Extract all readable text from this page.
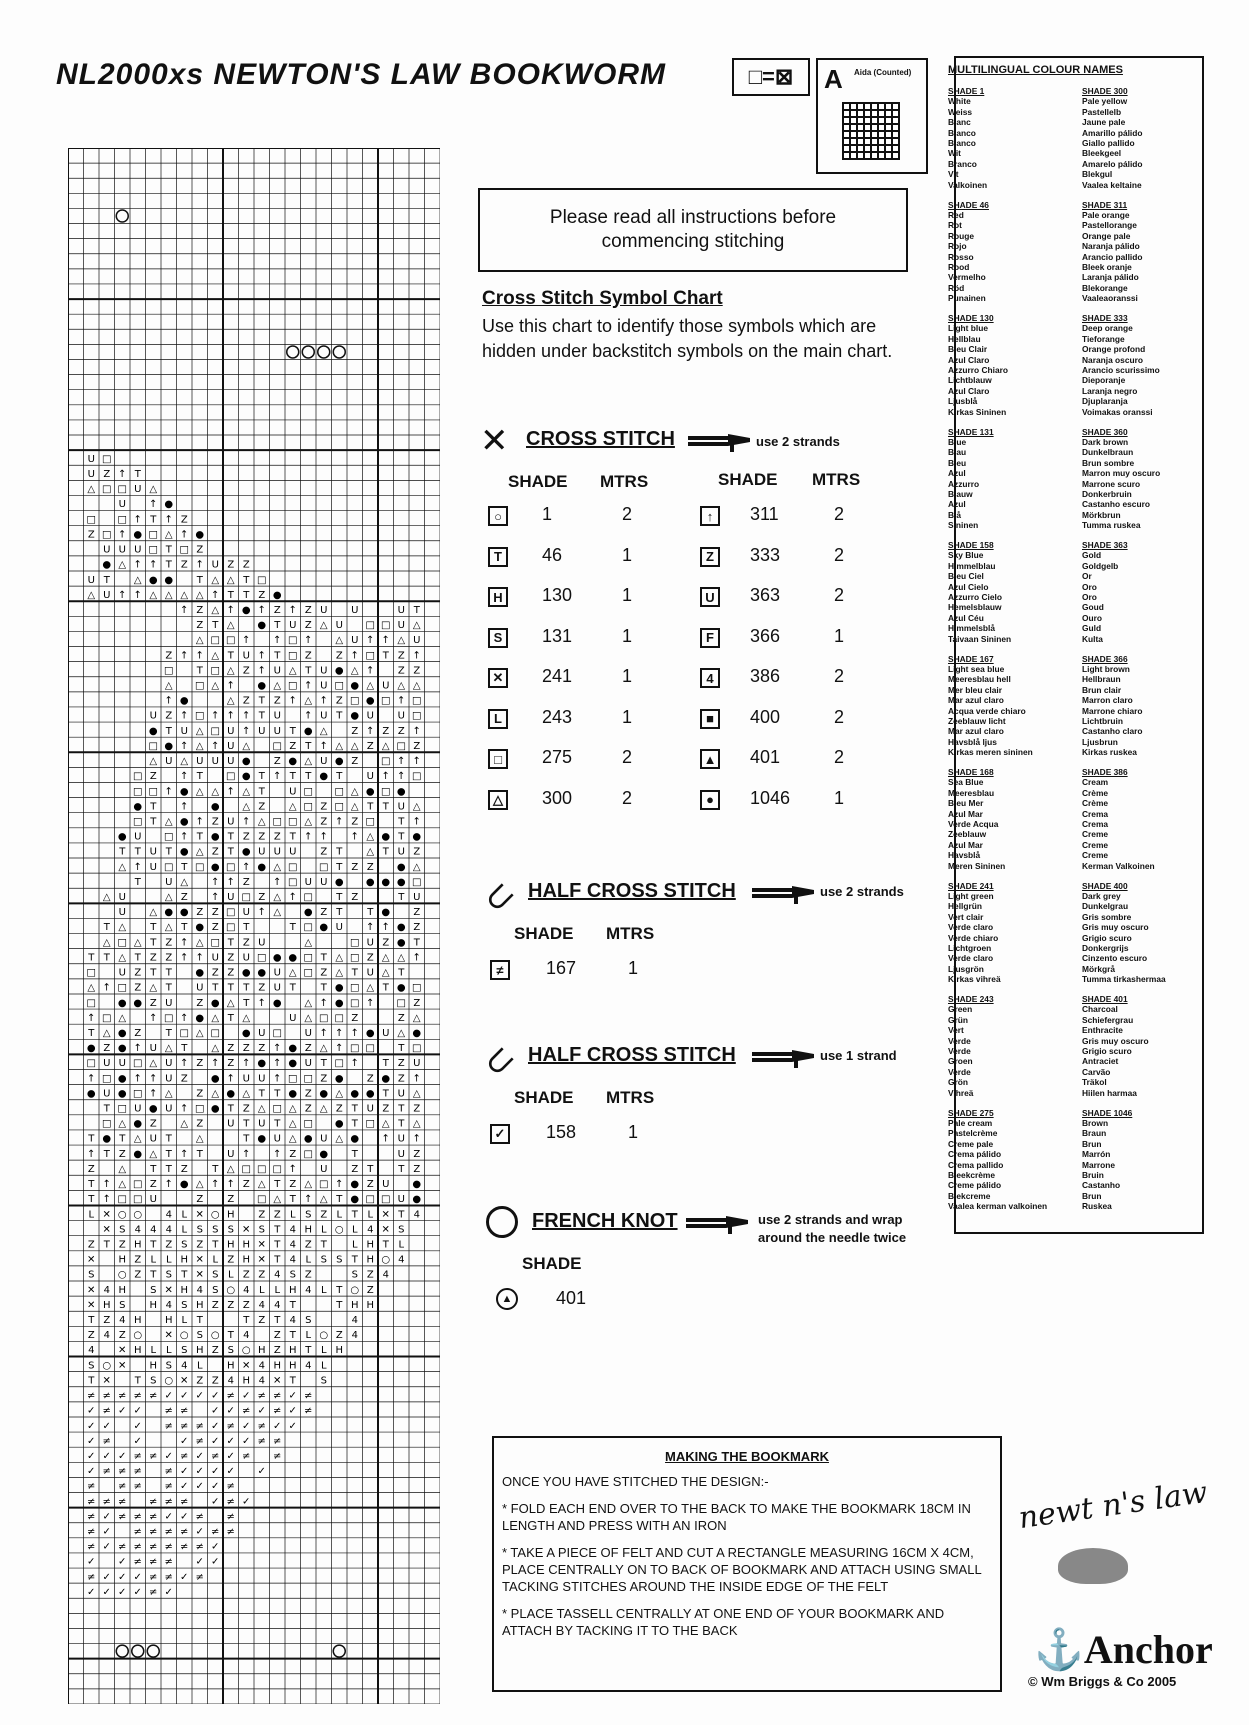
NL2000xs NEWTON'S LAW BOOKWORM	□=⊠	A Aida (Counted)
U □
U Z ↑ T
△ □ □ U △
U ↑ ●
□ □ ↑ T ↑ Z
Z □ ↑ ● □ △ ↑ ●
U U U □ T □ Z
● △ ↑ ↑ T Z ↑ U Z Z
U T △ ● ● T △ △ T □
△ U ↑ ↑ △ △ △ △ ↑ T T Z ●
↑ Z △ ↑ ● ↑ Z ↑ Z U U	U T
Z T △ ● T U Z △ U □ □ U △
△ □ □ ↑ ↑ □ ↑ △ U ↑ ↑ △ U
Z ↑ ↑ △ T U ↑ T □ Z Z ↑ □ T Z ↑
□ T □ △ Z ↑ U △ T U ● △ ↑ Z Z
△ □ △ ↑ ● △ □ ↑ U □ ● △ U △ △
↑ ●	△ Z T Z ↑ △ ↑ Z □ ● □ ↑ □
U Z ↑ □ ↑ ↑ ↑ T U ↑ U T ● U U □
● T U △ □ U ↑ U U T ● △ Z ↑ Z Z ↑
□ ● ↑ △ ↑ U △ □ Z T ↑ △ △ Z △ □ Z
△ U △ U U U ● Z ● △ U ● Z □ ↑ ↑
□ Z ↑ T □ ● T ↑ T T ● T U ↑ ↑ □
□ □ ↑ ● △ △ ↑ △ T U □ □ △ ● □ ●
● T ↑ ● △ Z △ □ Z □ △ T T U △
□ T △ ● ↑ Z U ↑ △ □ □ △ Z ↑ Z □ T ↑
● U □ ↑ T ● T Z Z Z T ↑ ↑ ↑ △ ● T ●
T T U T ● △ Z T ● U U U Z T △ T U Z
△ ↑ U □ T □ ● □ ↑ ● △ □ □ T Z Z ● △
T U △ ↑ ↑ Z ↑ □ U U ● ● ● ● □
△ U	△ Z ↑ U □ Z △ ↑ □ T Z	T U
U △ ● ● Z Z □ U ↑ △ ● Z T T ● Z
T △ T △ T ● Z □ T	T □ ● U ↑ ↑ ● Z
△ □ △ T Z ↑ △ □ T Z U	△	□ U Z ● T
T T △ T Z Z ↑ ↑ U Z U □ ● ● □ T △ □ Z △ △ ↑
□ U Z T T ● Z Z ● ● U △ □ Z △ T U △ T
△ ↑ □ Z △ T U T T T Z U T T ● □ △ T ● □
□ ● ● Z U Z ● △ T ↑ ● △ ↑ ● □ ↑ □ Z
↑ □ △ ↑ □ ↑ ● △ T △	U △ □ □ Z	Z △
T △ ● Z T □ △ □ ● U □ U ↑ ↑ ↑ ● U △ ●
● Z ● ↑ U △ T △ Z Z Z ↑ ● Z △ ↑ □ □ T □
□ U U □ △ U ↑ Z ↑ Z ↑ ● ↑ ● U T □ ↑ T Z U
↑ □ ● ↑ ↑ U Z ● ↑ U U ↑ □ □ Z ● Z ● Z ↑
● U ● □ ↑ △ Z △ ● △ T T ● Z ● △ ● ● T U △
T □ U ● U ↑ □ ● T Z △ □ △ Z △ Z T U Z T Z
□ △ ● Z △ Z U T U T △ □ ● T □ △ T △
T ● T △ U T △	T ● U △ ● U △ ● ↑ U ↑
↑ T Z ● △ T ↑ T U ↑ ↑ Z □ ● T	U Z
Z △ T T Z T △ □ □ □ ↑ U Z T T Z
T ↑ △ □ Z ↑ ● △ ↑ ↑ Z △ T Z △ □ ↑ ● Z U ●
T ↑ □ □ U	Z Z □ △ T ↑ △ T ● □ □ U ●
L ✕ ○ ○ 4 L ✕ ○ H Z Z L S Z L T L ✕ T 4
✕ S 4 4 4 L S S S ✕ S T 4 H L ○ L 4 ✕ S
Z T Z H T Z S Z T H H ✕ T 4 Z T	L H T L
✕ H Z L L H ✕ L Z H ✕ T 4 L S S T H ○ 4
S ○ Z T S T ✕ S L Z Z 4 S Z	S Z 4
✕ 4 H S ✕ H 4 S ○ 4 L L H 4 L T ○ Z
✕ H S H 4 S H Z Z Z 4 4 T	T H H
T Z 4 H H L T	T Z T 4 S	4
Z 4 Z ○ ✕ ○ S ○ T 4 Z T L ○ Z 4
4 ✕ H L L S H Z S ○ H Z H T L H
S ○ ✕ H S 4 L H ✕ 4 H H 4 L
T ✕ T S ○ ✕ Z Z 4 H 4 ✕ T S
≠ ≠ ≠ ≠ ≠ ✓ ✓ ✓ ✓ ≠ ✓ ≠ ≠ ✓ ≠
✓ ≠ ✓ ✓ ≠ ≠ ✓ ✓ ≠ ✓ ≠ ✓ ≠
✓ ✓ ✓ ≠ ≠ ≠ ✓ ≠ ✓ ≠ ✓ ✓
✓ ≠ ✓	✓ ≠ ✓ ✓ ✓ ≠ ≠
✓ ✓ ✓ ≠ ≠ ✓ ≠ ✓ ≠ ✓ ≠ ≠
✓ ≠ ≠ ≠ ≠ ✓ ✓ ✓ ✓ ✓
≠ ≠ ≠ ≠ ✓ ✓ ✓ ≠
≠ ≠ ≠ ≠ ≠ ≠ ✓ ≠ ✓
≠ ✓ ≠ ≠ ≠ ✓ ✓ ≠ ≠
≠ ✓ ≠ ≠ ≠ ≠ ✓ ≠ ≠
≠ ✓ ≠ ≠ ≠ ≠ ≠ ≠ ✓
✓ ✓ ≠ ≠ ≠ ✓ ✓
≠ ✓ ✓ ✓ ≠ ≠ ✓ ≠
✓ ✓ ✓ ✓ ≠ ✓
Please read all instructions before
commencing stitching
Cross Stitch Symbol Chart
Use this chart to identify those symbols which are hidden under backstitch symbols on the main chart.
✕ CROSS STITCH	use 2 strands
SHADE MTRS	SHADE MTRS
○	1	2
T	46	1
H 130	1
S	131	1
✕ 241	1
L	243	1
□	275	2
△ 300	2
↑	311	2
Z	333	2
U 363	2
F	366	1
4	386	2
■	400	2
▲ 401	2
●	1046 1
⊂ HALF CROSS STITCH	use 2 strands
SHADE MTRS
≠	167	1
⊂ HALF CROSS STITCH	use 1 strand
SHADE MTRS
✓ 158	1
FRENCH KNOT	use 2 strands and wrap
around the needle twice
SHADE
▲	401
MULTILINGUAL COLOUR NAMES
SHADE 1
White
Weiss
Blanc
Blanco
Bianco
Wit
Branco
Vit
Valkoinen
SHADE 46
Red
Rot
Rouge
Rojo
Rosso
Rood
Vermelho
Röd
Punainen
SHADE 130
Light blue
Hellblau
Bleu Clair
Azul Claro
Azzurro Chiaro
Lichtblauw
Azul Claro
Ljusblå
Kirkas Sininen
SHADE 131
Blue
Blau
Bleu
Azul
Azzurro
Blauw
Azul
Blå
Sininen
SHADE 158
Sky Blue
Himmelblau
Bleu Ciel
Azul Cielo
Azzurro Cielo
Hemelsblauw
Azul Céu
Himmelsblå
Taivaan Sininen
SHADE 167
Light sea blue
Meeresblau hell
Mer bleu clair
Mar azul claro
Acqua verde chiaro
Zeeblauw licht
Mar azul claro
Havsblå ljus
Kirkas meren sininen
SHADE 168
Sea Blue
Meeresblau
Bleu Mer
Azul Mar
Verde Acqua
Zeeblauw
Azul Mar
Havsblå
Meren Sininen
SHADE 241
Light green
Hellgrün
Vert clair
Verde claro
Verde chiaro
Lichtgroen
Verde claro
Ljusgrön
Kirkas vihreä
SHADE 243
Green
Grün
Vert
Verde
Verde
Groen
Verde
Grön
Vihreä
SHADE 275
Pale cream
Pastelcrème
Creme pale
Crema pálido
Crema pallido
Bleekcrème
Creme pálido
Blekcreme
Vaalea kerman valkoinen
SHADE 300
Pale yellow
Pastellelb
Jaune pale
Amarillo pálido
Giallo pallido
Bleekgeel
Amarelo pálido
Blekgul
Vaalea keltaine
SHADE 311
Pale orange
Pastellorange
Orange pale
Naranja pálido
Arancio pallido
Bleek oranje
Laranja pálido
Blekorange
Vaaleaoranssi
SHADE 333
Deep orange
Tieforange
Orange profond
Naranja oscuro
Arancio scurissimo
Dieporanje
Laranja negro
Djuplaranja
Voimakas oranssi
SHADE 360
Dark brown
Dunkelbraun
Brun sombre
Marron muy oscuro
Marrone scuro
Donkerbruin
Castanho escuro
Mörkbrun
Tumma ruskea
SHADE 363
Gold
Goldgelb
Or
Oro
Oro
Goud
Ouro
Guld
Kulta
SHADE 366
Light brown
Hellbraun
Brun clair
Marron claro
Marrone chiaro
Lichtbruin
Castanho claro
Ljusbrun
Kirkas ruskea
SHADE 386
Cream
Crème
Crème
Crema
Crema
Creme
Creme
Creme
Kerman Valkoinen
SHADE 400
Dark grey
Dunkelgrau
Gris sombre
Gris muy oscuro
Grigio scuro
Donkergrijs
Cinzento escuro
Mörkgrå
Tumma tirkashermaa
SHADE 401
Charcoal
Schiefergrau
Enthracite
Gris muy oscuro
Grigio scuro
Antraciet
Carvão
Träkol
Hiilen harmaa
SHADE 1046
Brown
Braun
Brun
Marrón
Marrone
Bruin
Castanho
Brun
Ruskea
MAKING THE BOOKMARK

ONCE YOU HAVE STITCHED THE DESIGN:-

* FOLD EACH END OVER TO THE BACK TO MAKE THE BOOKMARK 18CM IN LENGTH AND PRESS WITH AN IRON

* TAKE A PIECE OF FELT AND CUT A RECTANGLE MEASURING 16CM X 4CM, PLACE CENTRALLY ON TO BACK OF BOOKMARK AND ATTACH USING SMALL TACKING STITCHES AROUND THE INSIDE EDGE OF THE FELT

* PLACE TASSELL CENTRALLY AT ONE END OF YOUR BOOKMARK AND ATTACH BY TACKING IT TO THE BACK

newt n's law
⚓Anchor
© Wm Briggs & Co 2005
